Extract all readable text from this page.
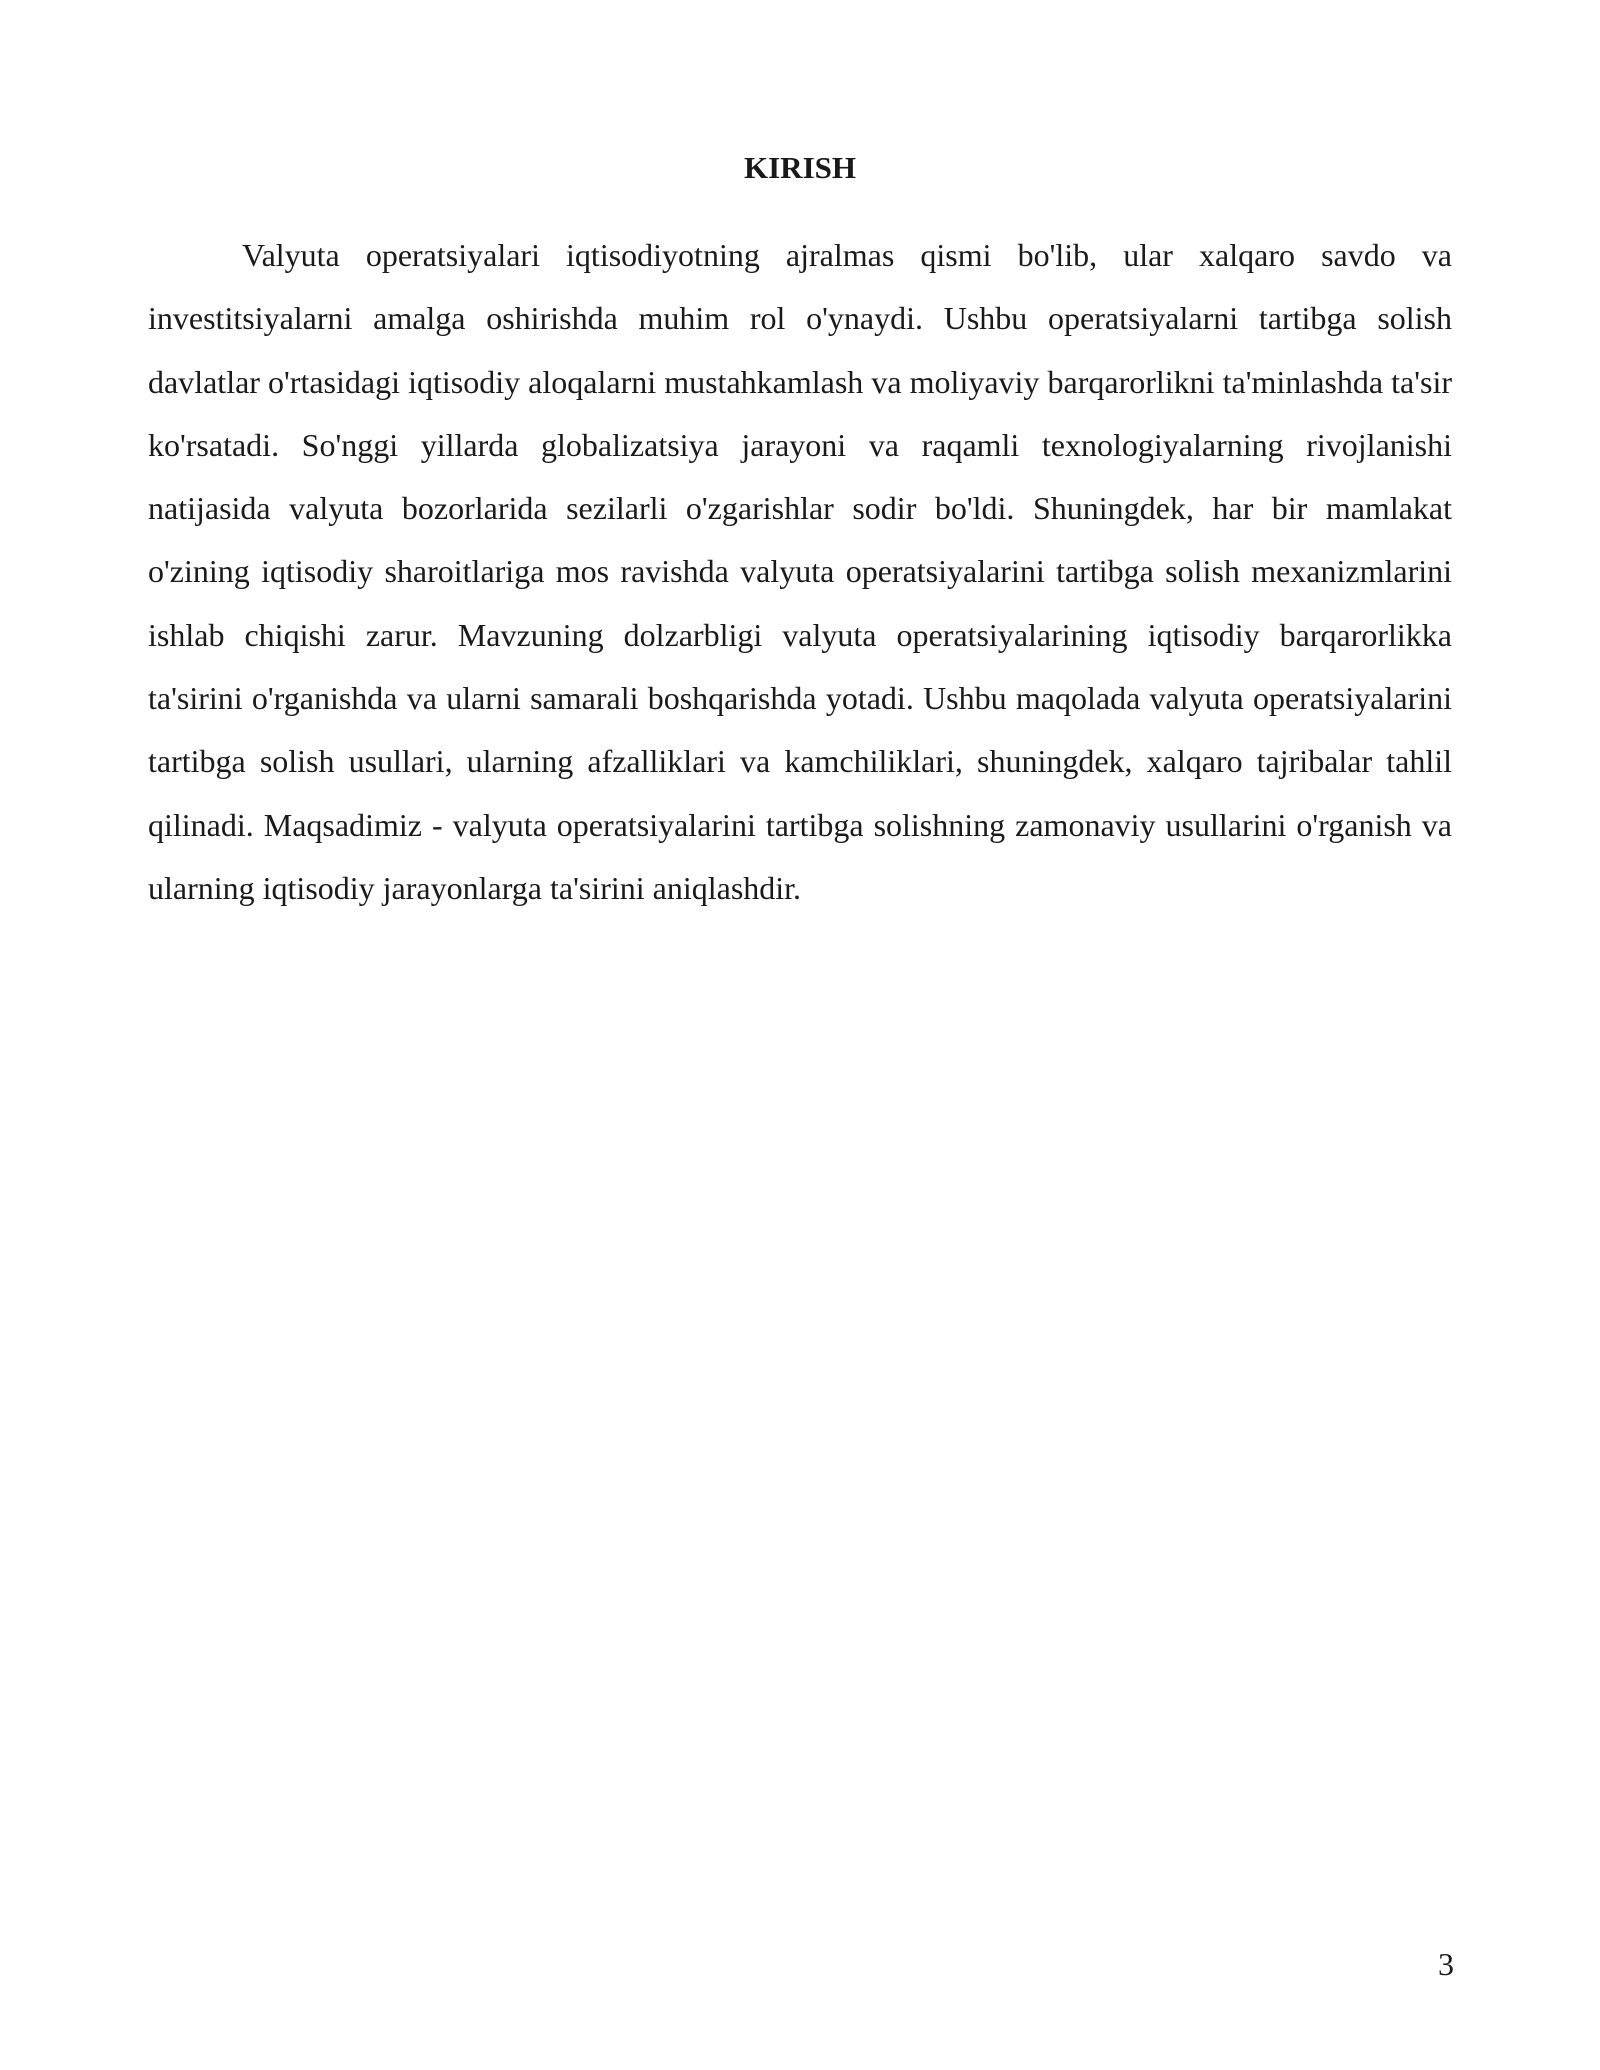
KIRISH

Valyuta operatsiyalari iqtisodiyotning ajralmas qismi bo'lib, ular xalqaro savdo va investitsiyalarni amalga oshirishda muhim rol o'ynaydi. Ushbu operatsiyalarni tartibga solish davlatlar o'rtasidagi iqtisodiy aloqalarni mustahkamlash va moliyaviy barqarorlikni ta'minlashda ta'sir ko'rsatadi. So'nggi yillarda globalizatsiya jarayoni va raqamli texnologiyalarning rivojlanishi natijasida valyuta bozorlarida sezilarli o'zgarishlar sodir bo'ldi. Shuningdek, har bir mamlakat o'zining iqtisodiy sharoitlariga mos ravishda valyuta operatsiyalarini tartibga solish mexanizmlarini ishlab chiqishi zarur. Mavzuning dolzarbligi valyuta operatsiyalarining iqtisodiy barqarorlikka ta'sirini o'rganishda va ularni samarali boshqarishda yotadi. Ushbu maqolada valyuta operatsiyalarini tartibga solish usullari, ularning afzalliklari va kamchiliklari, shuningdek, xalqaro tajribalar tahlil qilinadi. Maqsadimiz - valyuta operatsiyalarini tartibga solishning zamonaviy usullarini o'rganish va ularning iqtisodiy jarayonlarga ta'sirini aniqlashdir.

3
